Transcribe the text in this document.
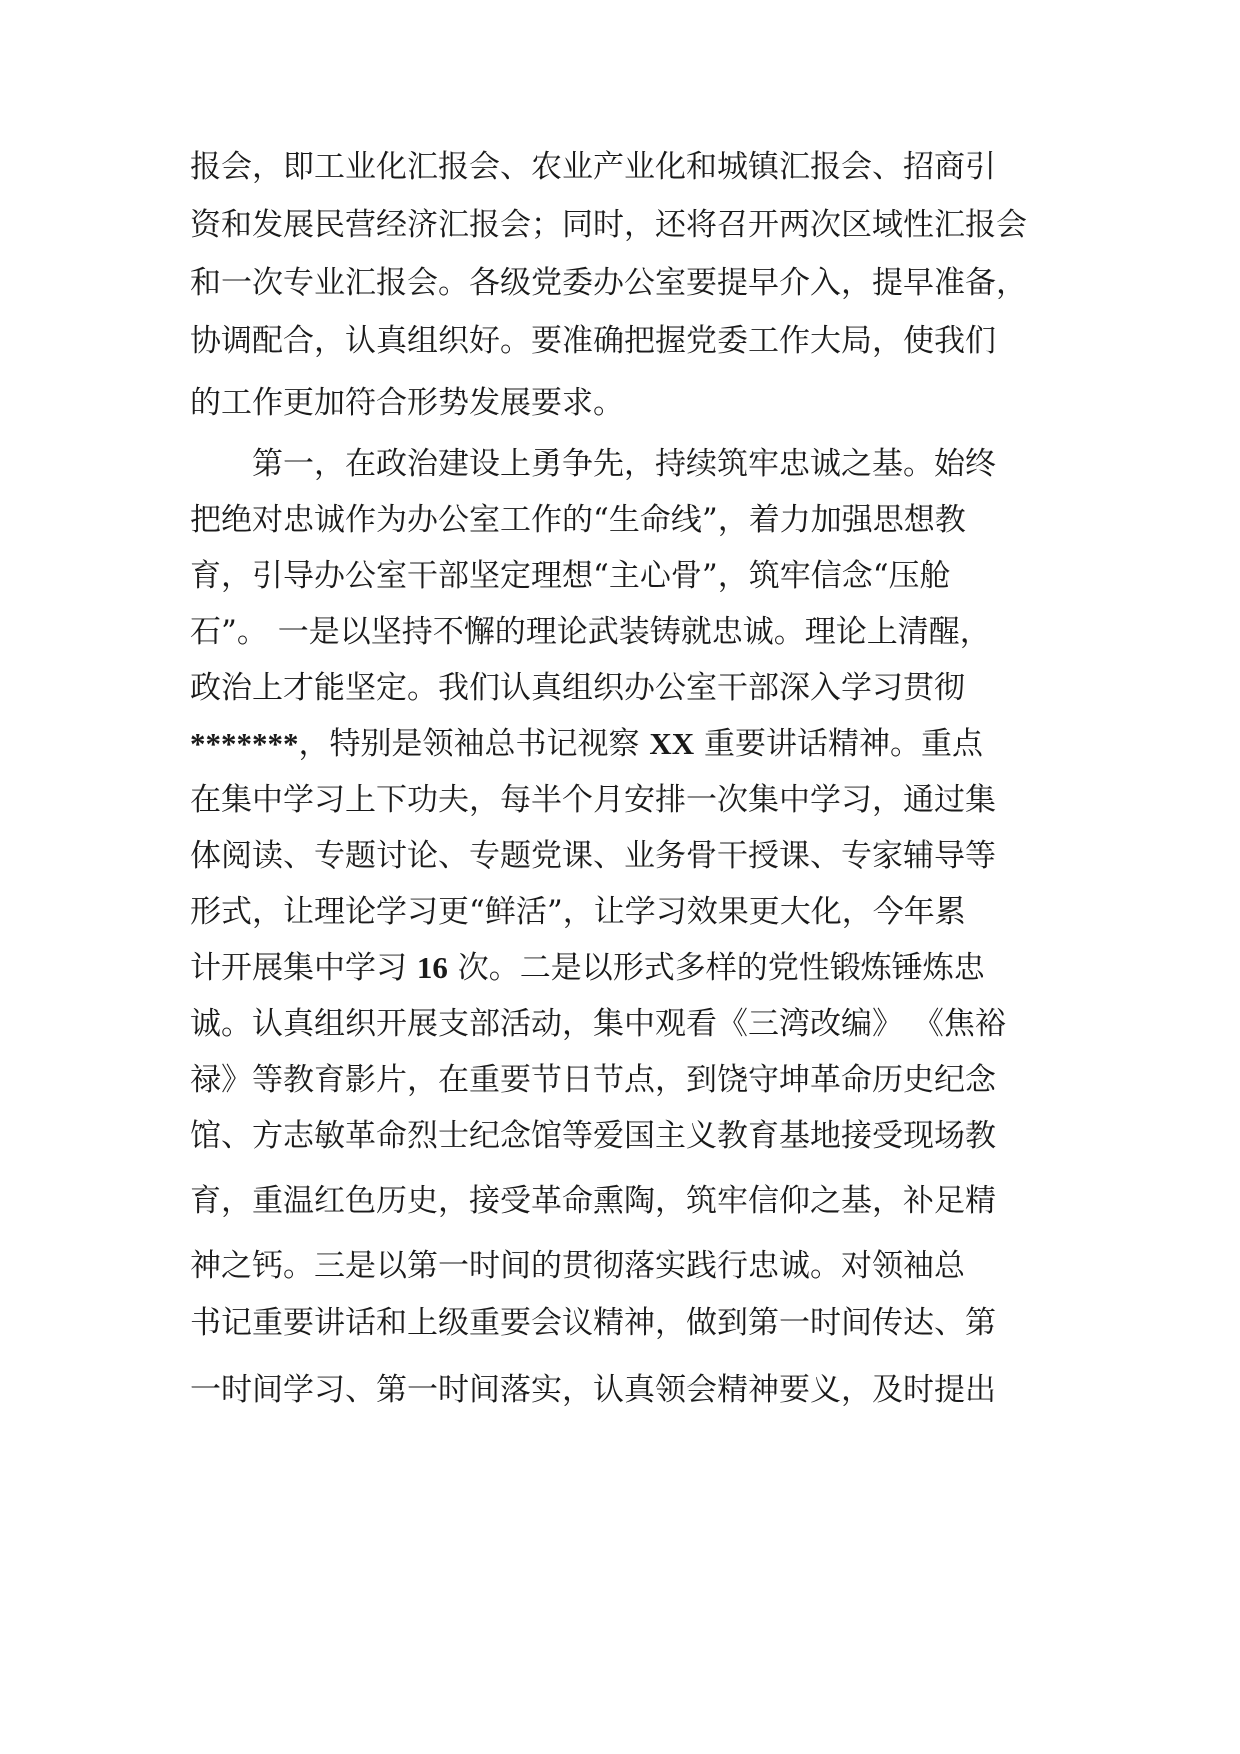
报会，即工业化汇报会、农业产业化和城镇汇报会、招商引
资和发展民营经济汇报会；同时，还将召开两次区域性汇报会
和一次专业汇报会。各级党委办公室要提早介入，提早准备，
协调配合，认真组织好。要准确把握党委工作大局，使我们
的工作更加符合形势发展要求。
第一，在政治建设上勇争先，持续筑牢忠诚之基。始终
把绝对忠诚作为办公室工作的“生命线”，着力加强思想教
育，引导办公室干部坚定理想“主心骨”，筑牢信念“压舱
石”。 一是以坚持不懈的理论武装铸就忠诚。理论上清醒，
政治上才能坚定。我们认真组织办公室干部深入学习贯彻
*******，特别是领袖总书记视察 XX 重要讲话精神。重点
在集中学习上下功夫，每半个月安排一次集中学习，通过集
体阅读、专题讨论、专题党课、业务骨干授课、专家辅导等
形式，让理论学习更“鲜活”，让学习效果更大化，今年累
计开展集中学习 16 次。二是以形式多样的党性锻炼锤炼忠
诚。认真组织开展支部活动，集中观看《三湾改编》 《焦裕
禄》等教育影片，在重要节日节点，到饶守坤革命历史纪念
馆、方志敏革命烈士纪念馆等爱国主义教育基地接受现场教
育，重温红色历史，接受革命熏陶，筑牢信仰之基，补足精
神之钙。三是以第一时间的贯彻落实践行忠诚。对领袖总
书记重要讲话和上级重要会议精神，做到第一时间传达、第
一时间学习、第一时间落实，认真领会精神要义，及时提出
